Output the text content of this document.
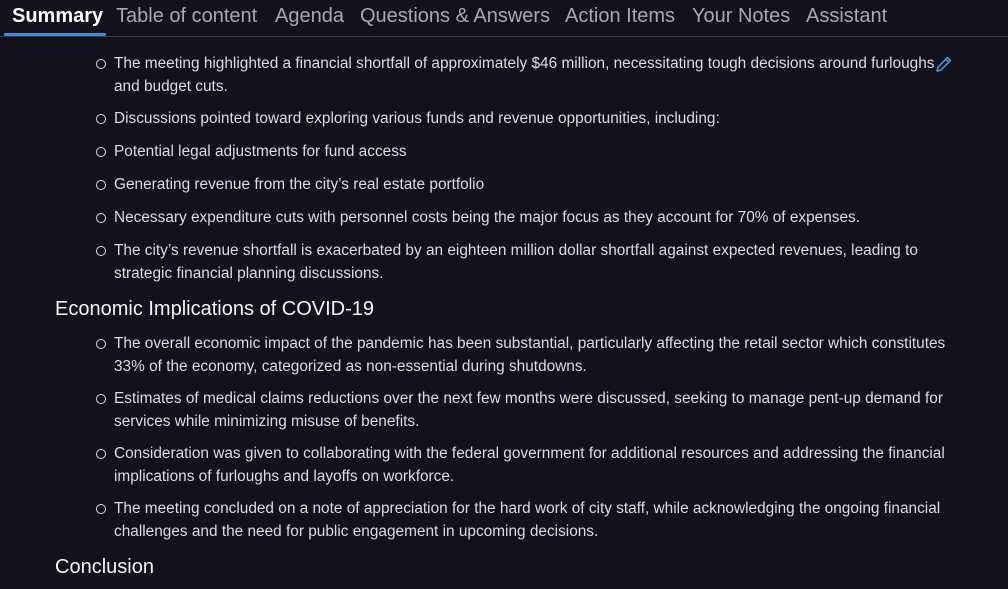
Summary Table of content Agenda Questions & Answers Action Items Your Notes Assistant
The meeting highlighted a financial shortfall of approximately $46 million, necessitating tough decisions around furloughs and budget cuts.
Discussions pointed toward exploring various funds and revenue opportunities, including:
Potential legal adjustments for fund access
Generating revenue from the city’s real estate portfolio
Necessary expenditure cuts with personnel costs being the major focus as they account for 70% of expenses.
The city’s revenue shortfall is exacerbated by an eighteen million dollar shortfall against expected revenues, leading to strategic financial planning discussions.
Economic Implications of COVID-19
The overall economic impact of the pandemic has been substantial, particularly affecting the retail sector which constitutes 33% of the economy, categorized as non-essential during shutdowns.
Estimates of medical claims reductions over the next few months were discussed, seeking to manage pent-up demand for services while minimizing misuse of benefits.
Consideration was given to collaborating with the federal government for additional resources and addressing the financial implications of furloughs and layoffs on workforce.
The meeting concluded on a note of appreciation for the hard work of city staff, while acknowledging the ongoing financial challenges and the need for public engagement in upcoming decisions.
Conclusion
